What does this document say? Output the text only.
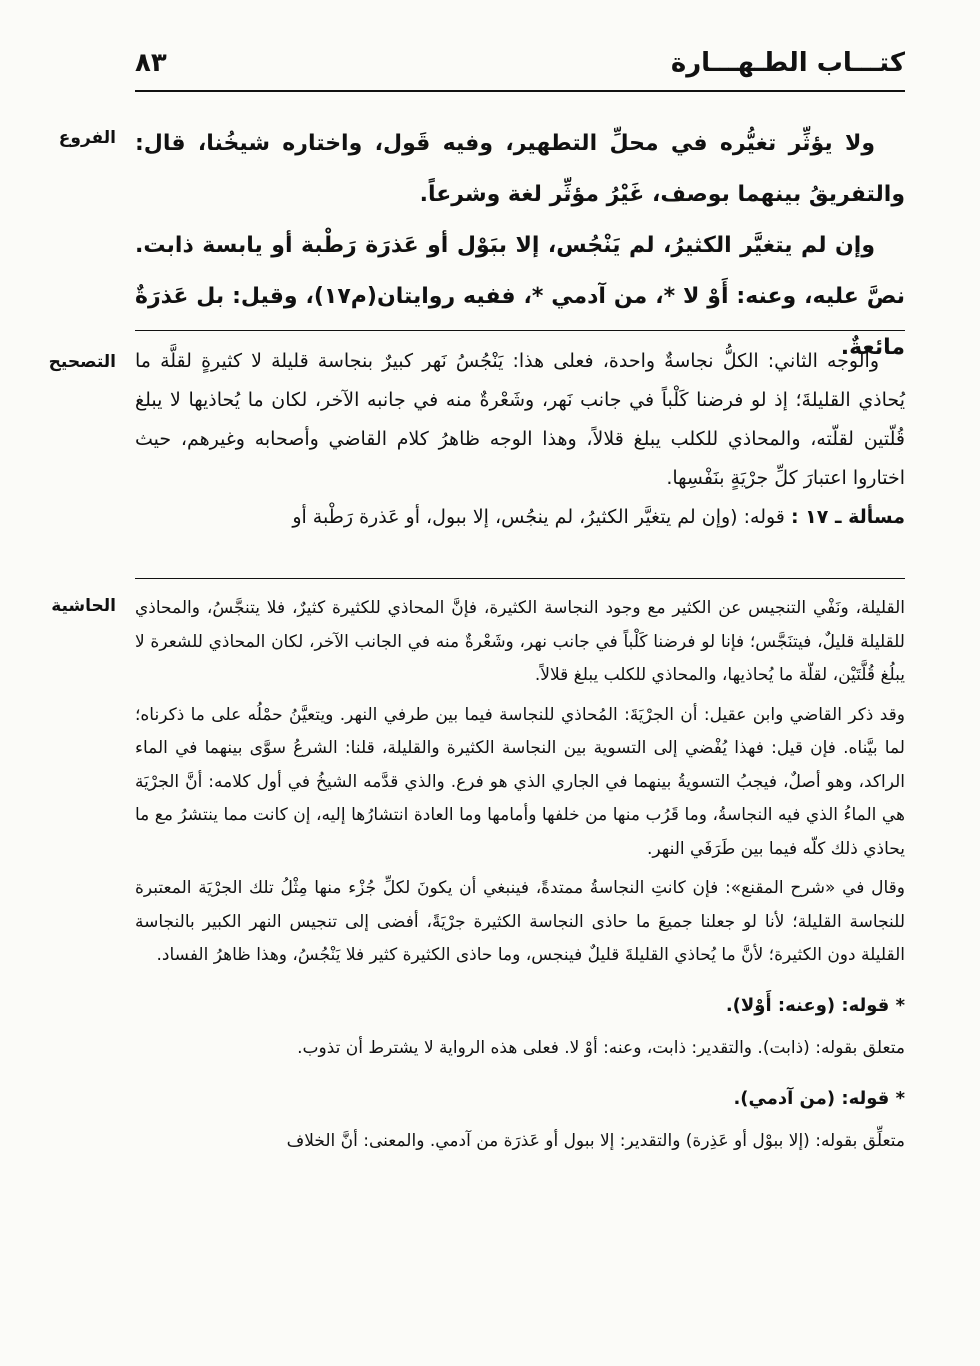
٨٣	كتـــاب الطـهـــارة
الفروع ولا يؤثِّر تغيُّره في محلِّ التطهير، وفيه قَول، واختاره شيخُنا، قال: والتفريقُ بينهما بوصف، غَيْرُ مؤثِّر لغة وشرعاً.

وإن لم يتغيَّر الكثيرُ، لم يَنْجُس، إلا ببَوْل أو عَذرَة رَطْبة أو يابسة ذابت. نصَّ عليه، وعنه: أَوْ لا *، من آدمي *، ففيه روايتان(م١٧)، وقيل: بل عَذرَةٌ مائعةٌ.

التصحيح والوجه الثاني: الكلُّ نجاسةٌ واحدة، فعلى هذا: يَنْجُسُ نَهر كبيرٌ بنجاسة قليلة لا كثيرةٍ لقلَّة ما يُحاذي القليلةَ؛ إذ لو فرضنا كَلْباً في جانب نَهر، وشَعْرةٌ منه في جانبه الآخر، لكان ما يُحاذيها لا يبلغ قُلّتين لقلّته، والمحاذي للكلب يبلغ قلالاً، وهذا الوجه ظاهرُ كلام القاضي وأصحابه وغيرهم، حيث اختاروا اعتبارَ كلِّ جرْيَةٍ بنَفْسِها.

مسألة ـ ١٧ : قوله: (وإن لم يتغيَّر الكثيرُ، لم ينجُس، إلا ببول، أو عَذرة رَطْبة أو

الحاشية القليلة، ونَفْي التنجيس عن الكثير مع وجود النجاسة الكثيرة، فإنَّ المحاذي للكثيرة كثيرٌ، فلا يتنجَّسُ، والمحاذي للقليلة قليلٌ، فيتنَجَّس؛ فإنا لو فرضنا كَلْباً في جانب نهر، وشَعْرةٌ منه في الجانب الآخر، لكان المحاذي للشعرة لا يبلُغ قُلَّتَيْن، لقلّة ما يُحاذيها، والمحاذي للكلب يبلغ قلالاً.

وقد ذكر القاضي وابن عقيل: أن الجرْيَةَ: المُحاذي للنجاسة فيما بين طرفي النهر. ويتعيَّنُ حمْلُه على ما ذكرناه؛ لما بيَّناه. فإن قيل: فهذا يُفْضي إلى التسوية بين النجاسة الكثيرة والقليلة، قلنا: الشرعُ سوَّى بينهما في الماء الراكد، وهو أصلٌ، فيجبُ التسويةُ بينهما في الجاري الذي هو فرع. والذي قدَّمه الشيخُ في أول كلامه: أنَّ الجرْيَة هي الماءُ الذي فيه النجاسةُ، وما قَرُب منها من خلفها وأمامها وما العادة انتشارُها إليه، إن كانت مما ينتشرُ مع ما يحاذي ذلك كلّه فيما بين طَرَفَي النهر.

وقال في «شرح المقنع»: فإن كانتِ النجاسةُ ممتدةً، فينبغي أن يكونَ لكلِّ جُزْء منها مِثْلُ تلك الجرْيَة المعتبرة للنجاسة القليلة؛ لأنا لو جعلنا جميعَ ما حاذى النجاسة الكثيرة جرْيَةً، أفضى إلى تنجيس النهر الكبير بالنجاسة القليلة دون الكثيرة؛ لأنَّ ما يُحاذي القليلةَ قليلٌ فينجس، وما حاذى الكثيرة كثير فلا يَنْجُسُ، وهذا ظاهرُ الفساد.

* قوله: (وعنه: أَوْلا).

متعلق بقوله: (ذابت). والتقدير: ذابت، وعنه: أوْ لا. فعلى هذه الرواية لا يشترط أن تذوب.

* قوله: (من آدمي).

متعلِّق بقوله: (إلا ببوْل أو عَذِرة) والتقدير: إلا ببول أو عَذرَة من آدمي. والمعنى: أنَّ الخلاف
